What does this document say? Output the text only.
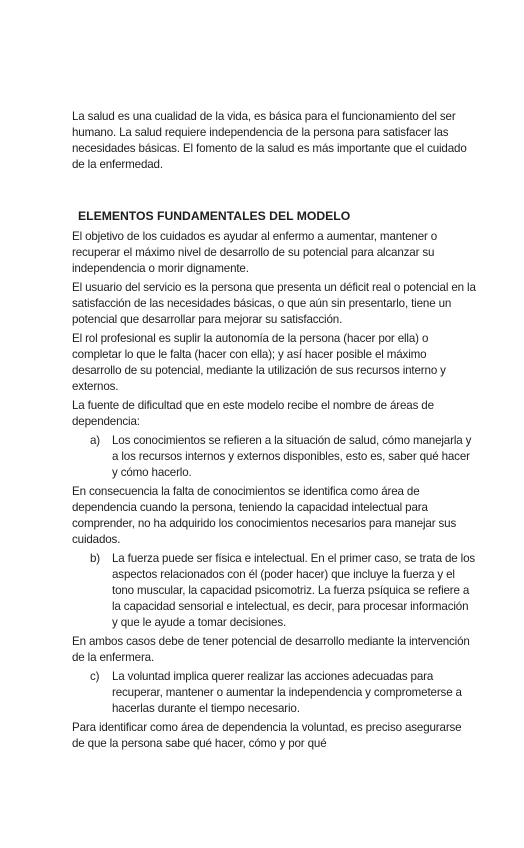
La salud es una cualidad de la vida, es básica para el funcionamiento del ser humano. La salud requiere independencia de la persona para satisfacer las necesidades básicas. El fomento de la salud es más importante que el cuidado de la enfermedad.

ELEMENTOS FUNDAMENTALES DEL MODELO

El objetivo de los cuidados es ayudar al enfermo a aumentar, mantener o recuperar el máximo nivel de desarrollo de su potencial para alcanzar su independencia o morir dignamente.

El usuario del servicio es la persona que presenta un déficit real o potencial en la satisfacción de las necesidades básicas, o que aún sin presentarlo, tiene un potencial que desarrollar para mejorar su satisfacción.

El rol profesional es suplir la autonomía de la persona (hacer por ella) o completar lo que le falta (hacer con ella); y así hacer posible el máximo desarrollo de su potencial, mediante la utilización de sus recursos interno y externos.

La fuente de dificultad que en este modelo recibe el nombre de áreas de dependencia:

a)	Los conocimientos se refieren a la situación de salud, cómo manejarla y a los recursos internos y externos disponibles, esto es, saber qué hacer y cómo hacerlo.

En consecuencia la falta de conocimientos se identifica como área de dependencia cuando la persona, teniendo la capacidad intelectual para comprender, no ha adquirido los conocimientos necesarios para manejar sus cuidados.

b)	La fuerza puede ser física e intelectual. En el primer caso, se trata de los aspectos relacionados con él (poder hacer) que incluye la fuerza y el tono muscular, la capacidad psicomotriz. La fuerza psíquica se refiere a la capacidad sensorial e intelectual, es decir, para procesar información y que le ayude a tomar decisiones.

En ambos casos debe de tener potencial de desarrollo mediante la intervención de la enfermera.

c)	La voluntad implica querer realizar las acciones adecuadas para recuperar, mantener o aumentar la independencia y comprometerse a hacerlas durante el tiempo necesario.

Para identificar como área de dependencia la voluntad, es preciso asegurarse de que la persona sabe qué hacer, cómo y por qué
